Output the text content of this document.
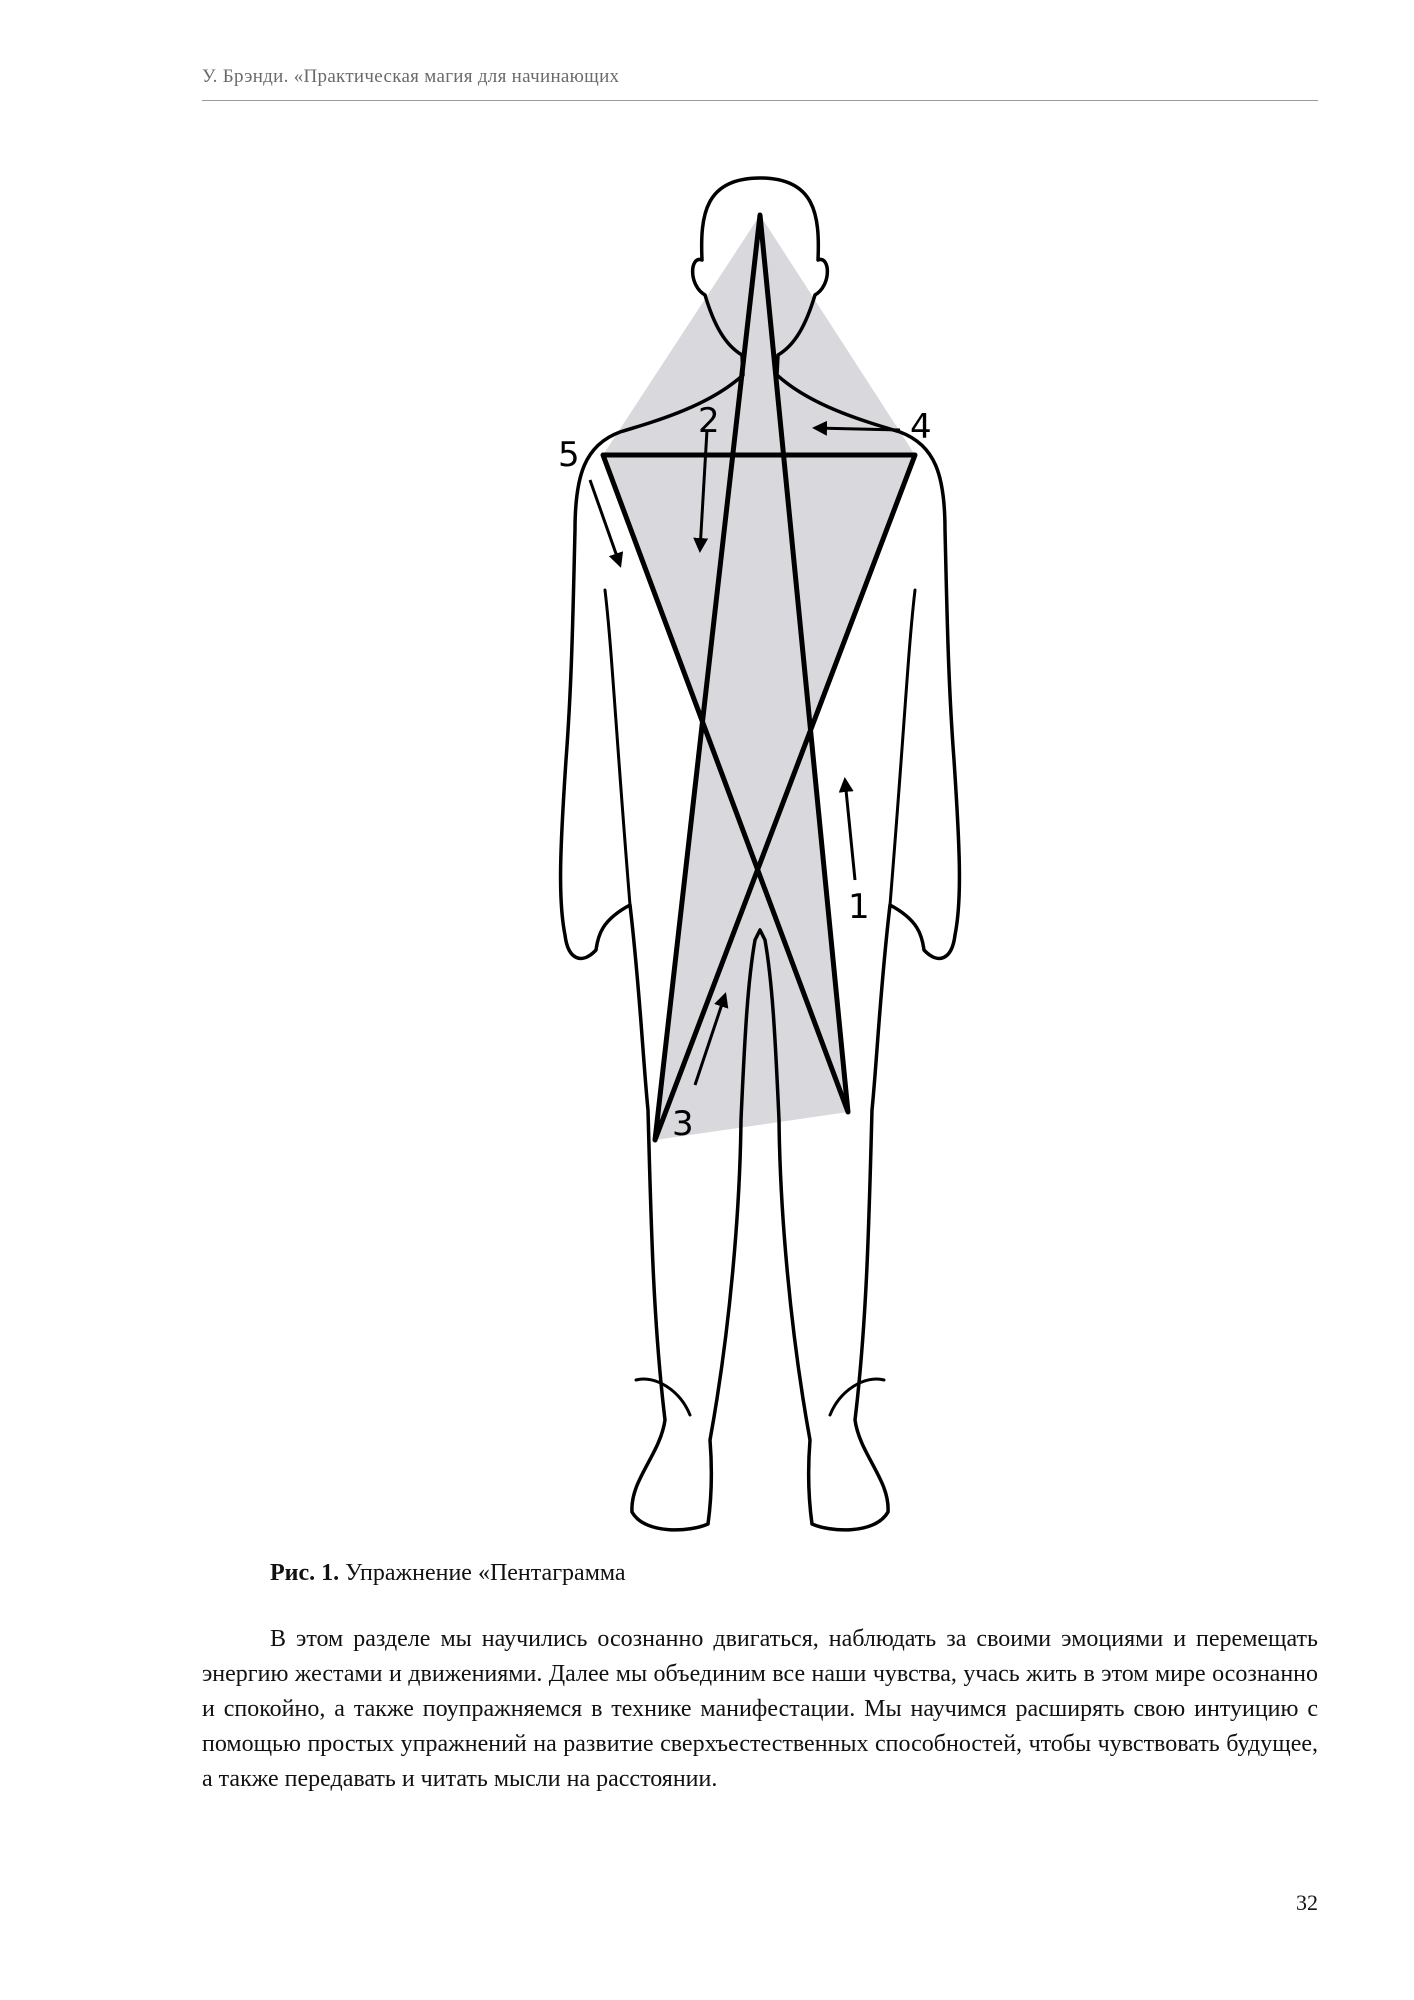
У. Брэнди. «Практическая магия для начинающих
1
2
3
4
5
Рис. 1. Упражнение «Пентаграмма

В этом разделе мы научились осознанно двигаться, наблюдать за своими эмоциями и перемещать энергию жестами и движениями. Далее мы объединим все наши чувства, учась жить в этом мире осознанно и спокойно, а также поупражняемся в технике манифестации. Мы научимся расширять свою интуицию с помощью простых упражнений на развитие сверхъестественных способностей, чтобы чувствовать будущее, а также передавать и читать мысли на расстоянии.

32
